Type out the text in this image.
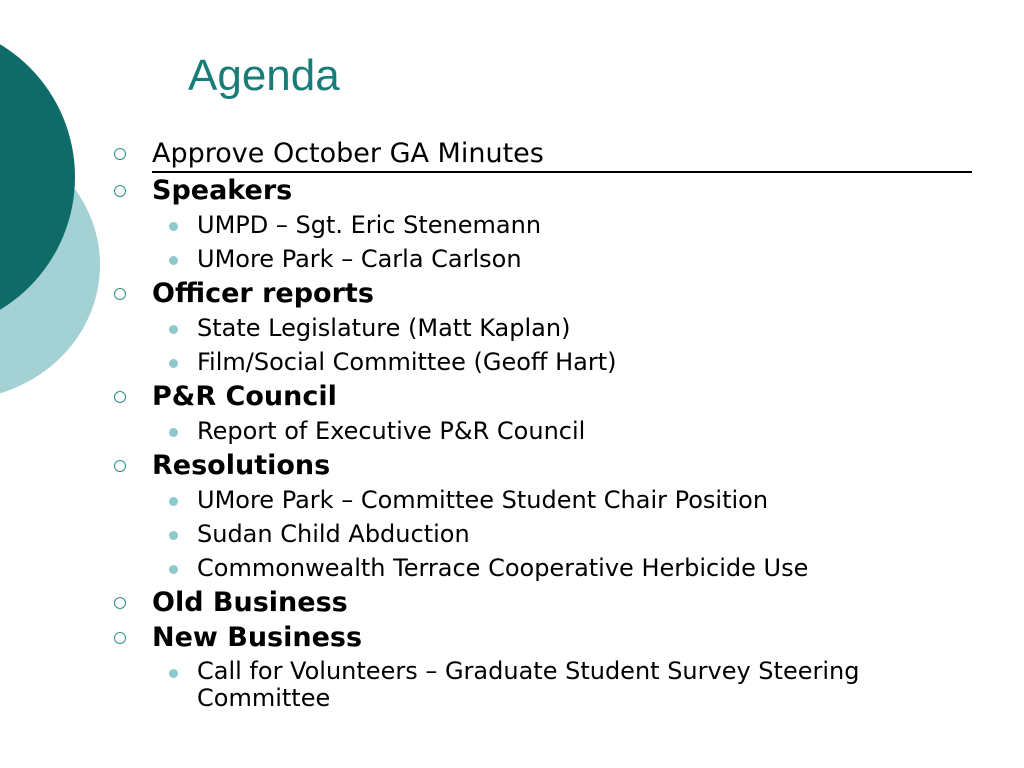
Agenda
Approve October GA Minutes
Speakers
UMPD – Sgt. Eric Stenemann
UMore Park – Carla Carlson
Officer reports
State Legislature (Matt Kaplan)
Film/Social Committee (Geoff Hart)
P&R Council
Report of Executive P&R Council
Resolutions
UMore Park – Committee Student Chair Position
Sudan Child Abduction
Commonwealth Terrace Cooperative Herbicide Use
Old Business
New Business
Call for Volunteers – Graduate Student Survey Steering Committee
